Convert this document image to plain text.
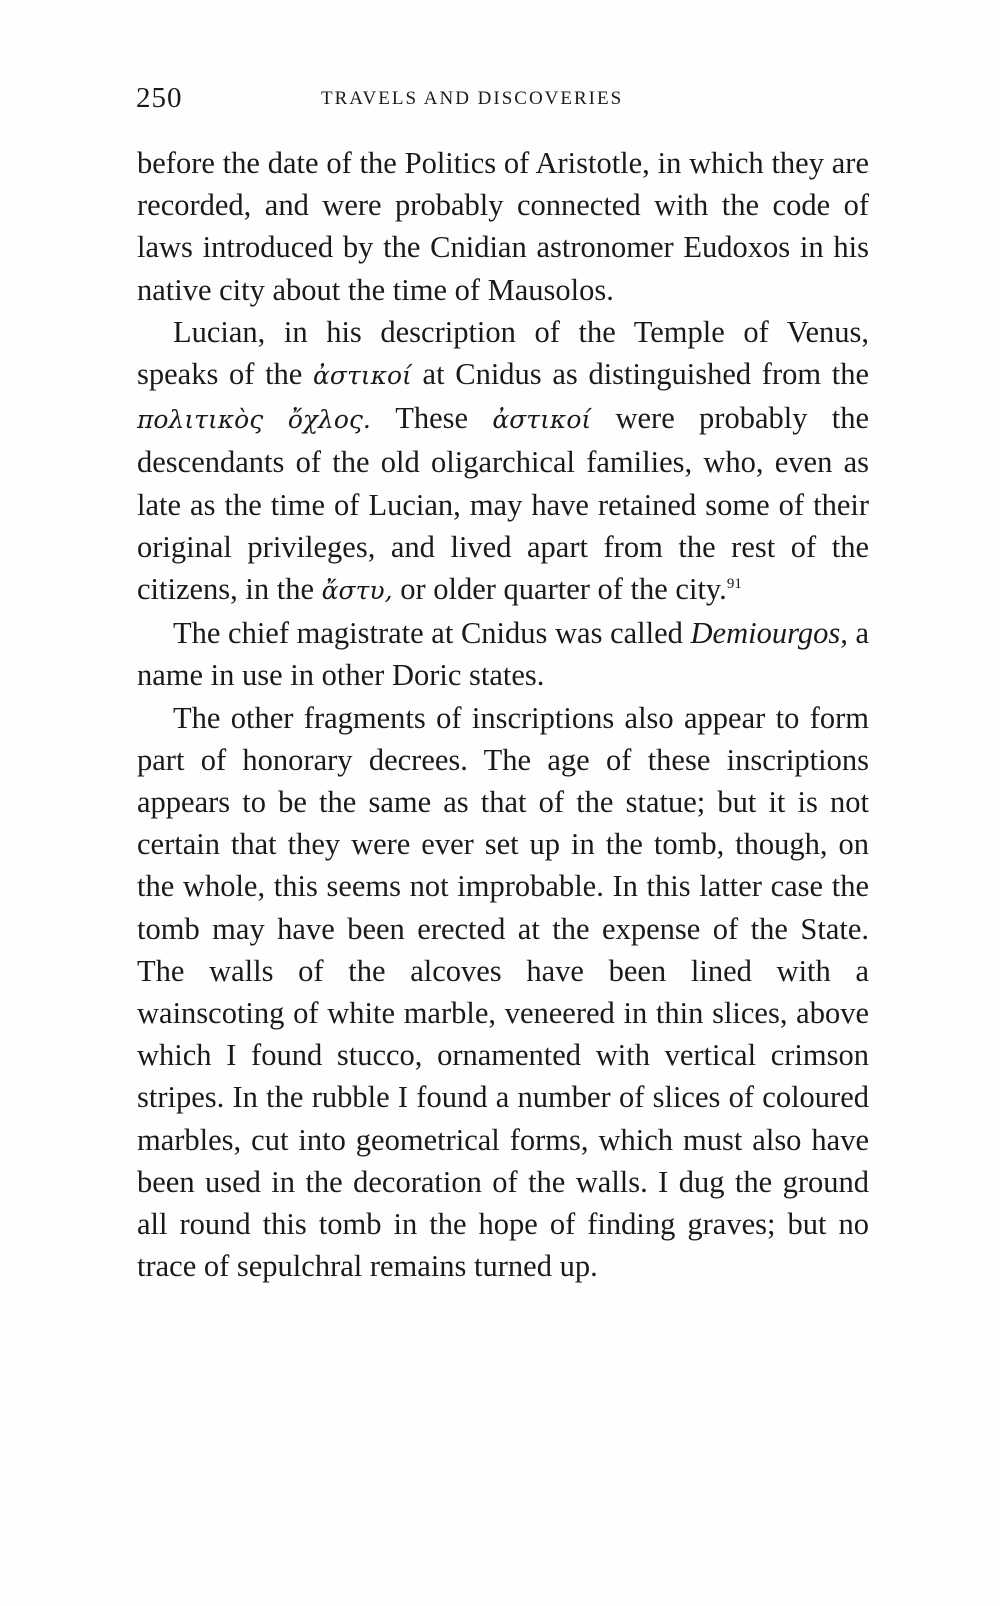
250	TRAVELS AND DISCOVERIES

before the date of the Politics of Aristotle, in which they are recorded, and were probably connected with the code of laws introduced by the Cnidian astronomer Eudoxos in his native city about the time of Mausolos.

Lucian, in his description of the Temple of Venus, speaks of the ἀστικοί at Cnidus as distinguished from the πολιτικὸς ὄχλος. These ἀστικοί were probably the descendants of the old oligarchical families, who, even as late as the time of Lucian, may have retained some of their original privileges, and lived apart from the rest of the citizens, in the ἄστυ, or older quarter of the city.$^{91}$

The chief magistrate at Cnidus was called Demiourgos, a name in use in other Doric states.

The other fragments of inscriptions also appear to form part of honorary decrees. The age of these inscriptions appears to be the same as that of the statue; but it is not certain that they were ever set up in the tomb, though, on the whole, this seems not improbable. In this latter case the tomb may have been erected at the expense of the State. The walls of the alcoves have been lined with a wainscoting of white marble, veneered in thin slices, above which I found stucco, ornamented with vertical crimson stripes. In the rubble I found a number of slices of coloured marbles, cut into geometrical forms, which must also have been used in the decoration of the walls. I dug the ground all round this tomb in the hope of finding graves; but no trace of sepulchral remains turned up.
